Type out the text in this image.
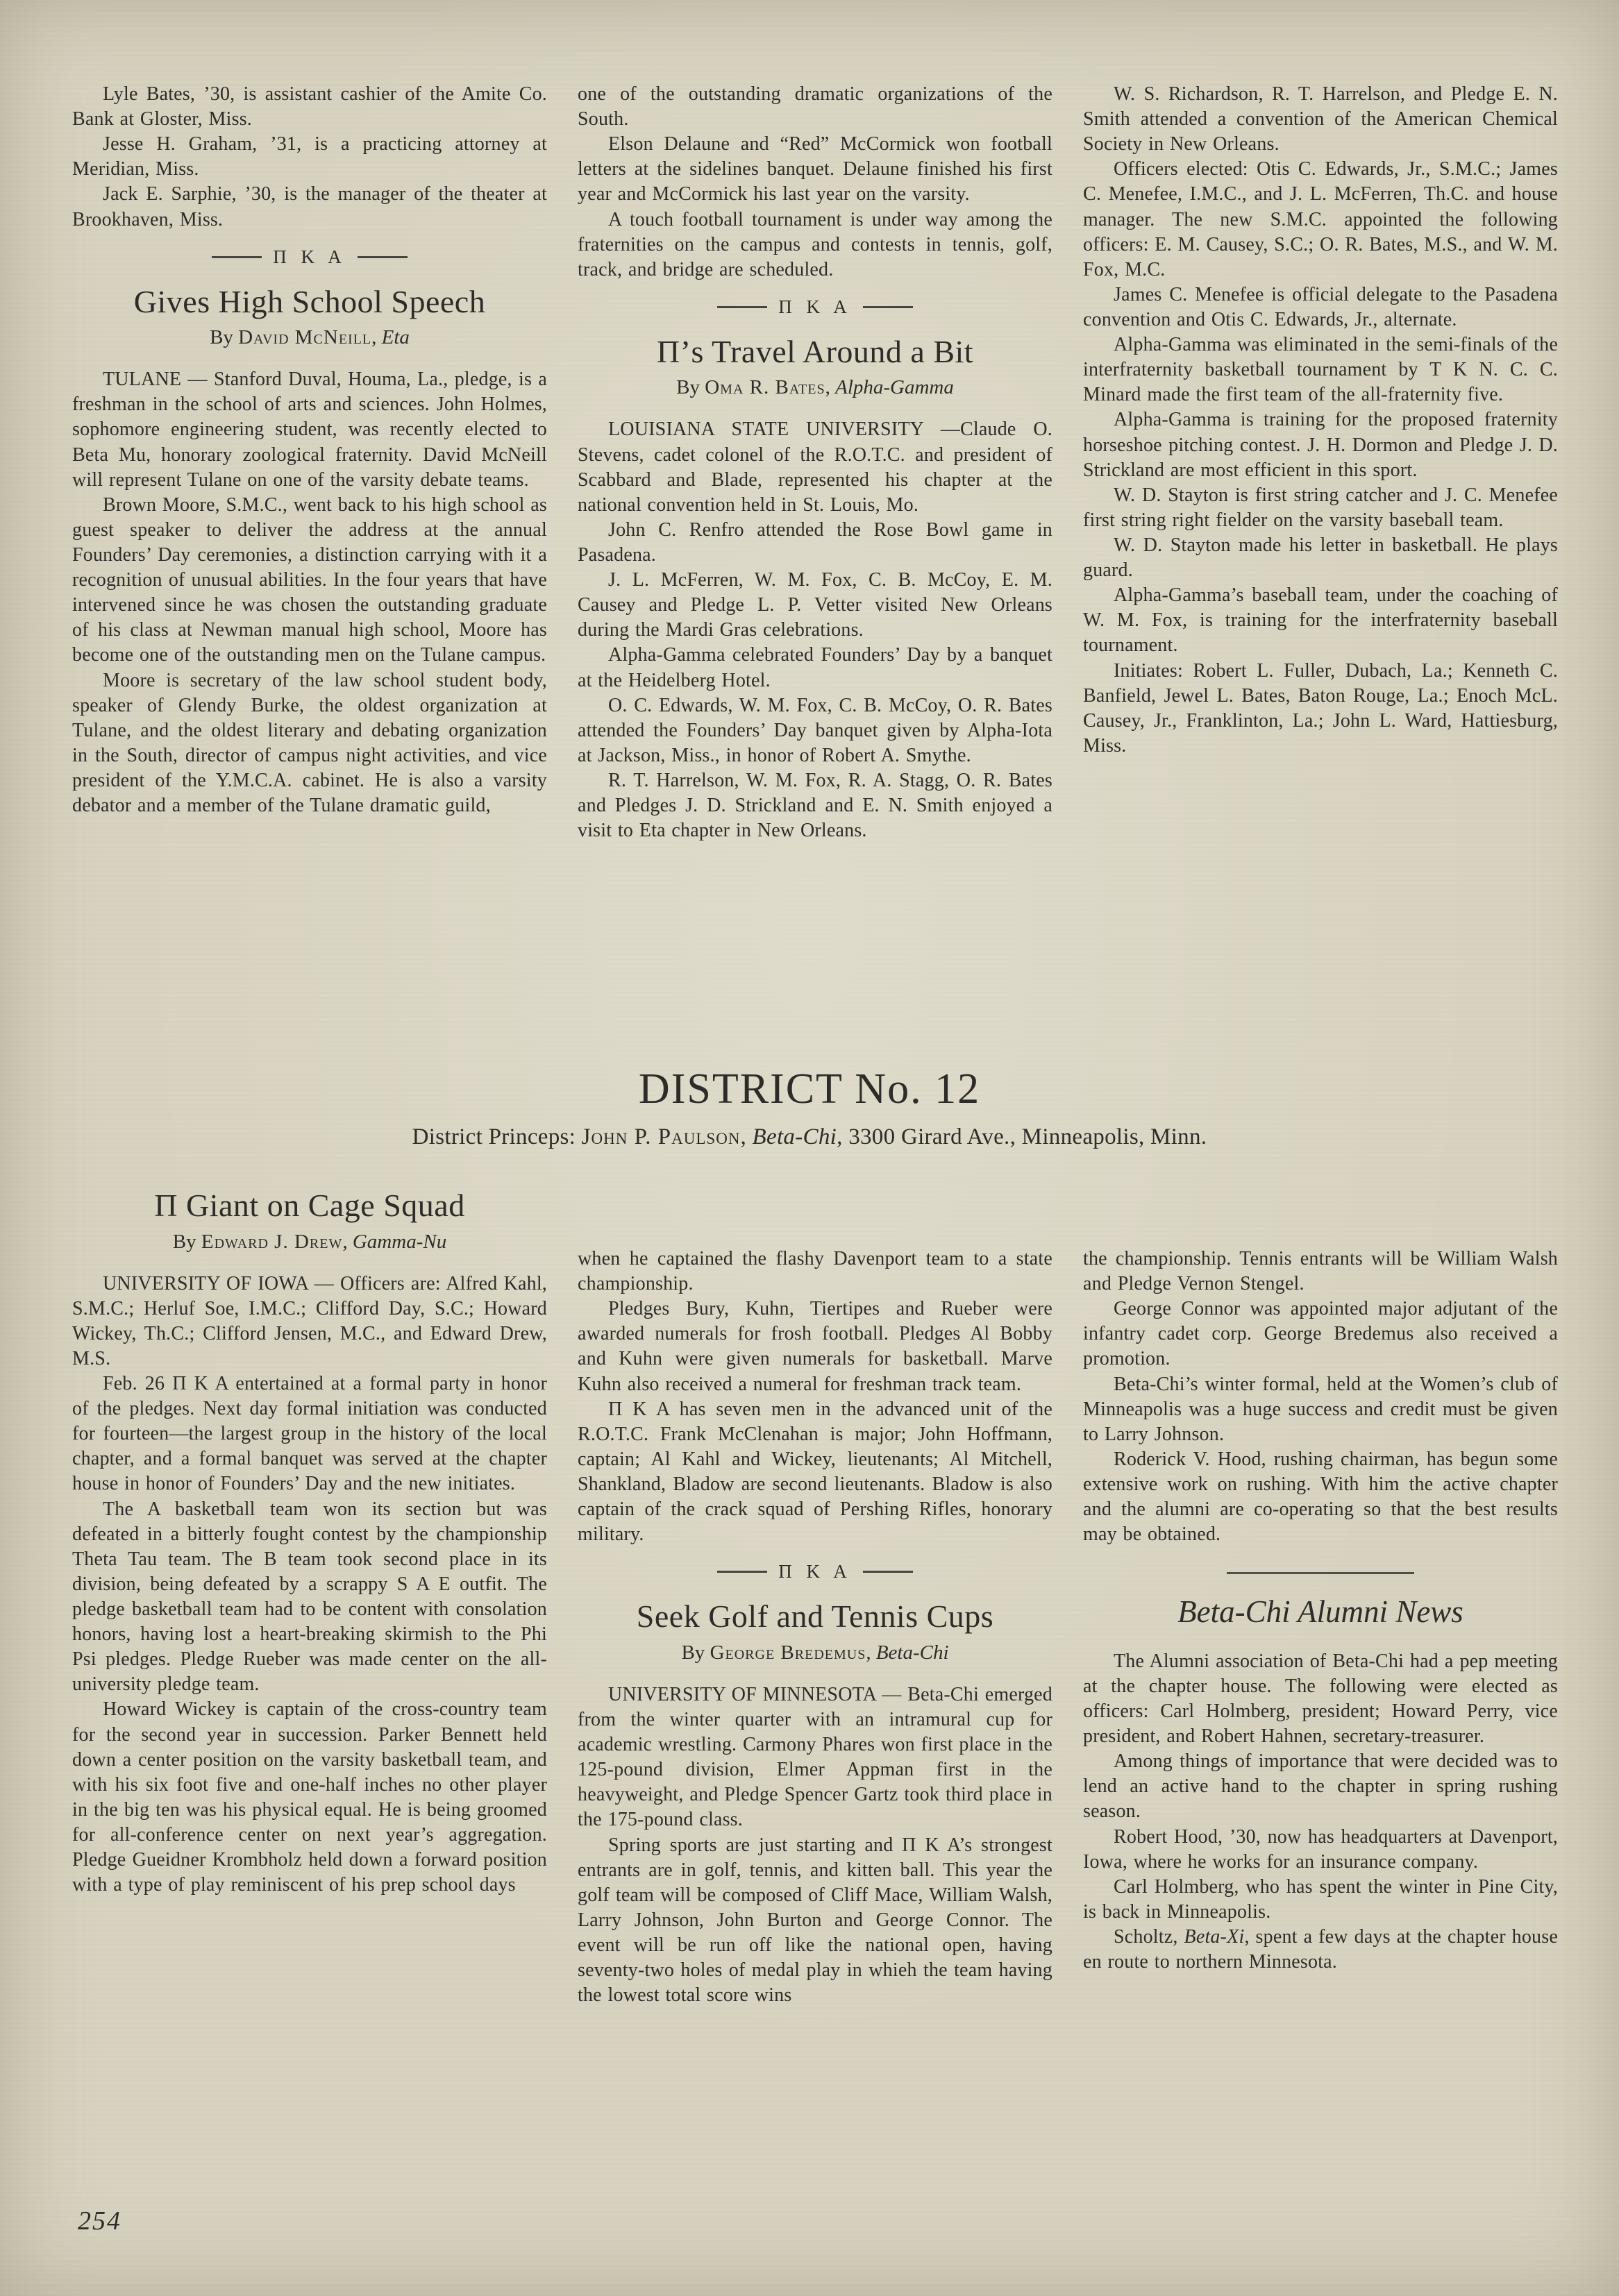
Lyle Bates, ’30, is assistant cashier of the Amite Co. Bank at Gloster, Miss.

Jesse H. Graham, ’31, is a practicing attorney at Meridian, Miss.

Jack E. Sarphie, ’30, is the manager of the theater at Brookhaven, Miss.

Π K A
Gives High School Speech

By David McNeill, Eta

TULANE — Stanford Duval, Houma, La., pledge, is a freshman in the school of arts and sciences. John Holmes, sophomore engineering student, was recently elected to Beta Mu, honorary zoological fraternity. David McNeill will represent Tulane on one of the varsity debate teams.

Brown Moore, S.M.C., went back to his high school as guest speaker to deliver the address at the annual Founders’ Day ceremonies, a distinction carrying with it a recognition of unusual abilities. In the four years that have intervened since he was chosen the outstanding graduate of his class at Newman manual high school, Moore has become one of the outstanding men on the Tulane campus.

Moore is secretary of the law school student body, speaker of Glendy Burke, the oldest organization at Tulane, and the oldest literary and debating organization in the South, director of campus night activities, and vice president of the Y.M.C.A. cabinet. He is also a varsity debator and a member of the Tulane dramatic guild,

one of the outstanding dramatic organizations of the South.

Elson Delaune and “Red” McCormick won football letters at the sidelines banquet. Delaune finished his first year and McCormick his last year on the varsity.

A touch football tournament is under way among the fraternities on the campus and contests in tennis, golf, track, and bridge are scheduled.

Π K A
Π’s Travel Around a Bit

By Oma R. Bates, Alpha-Gamma

LOUISIANA STATE UNIVERSITY —Claude O. Stevens, cadet colonel of the R.O.T.C. and president of Scabbard and Blade, represented his chapter at the national convention held in St. Louis, Mo.

John C. Renfro attended the Rose Bowl game in Pasadena.

J. L. McFerren, W. M. Fox, C. B. McCoy, E. M. Causey and Pledge L. P. Vetter visited New Orleans during the Mardi Gras celebrations.

Alpha-Gamma celebrated Founders’ Day by a banquet at the Heidelberg Hotel.

O. C. Edwards, W. M. Fox, C. B. McCoy, O. R. Bates attended the Founders’ Day banquet given by Alpha-Iota at Jackson, Miss., in honor of Robert A. Smythe.

R. T. Harrelson, W. M. Fox, R. A. Stagg, O. R. Bates and Pledges J. D. Strickland and E. N. Smith enjoyed a visit to Eta chapter in New Orleans.

W. S. Richardson, R. T. Harrelson, and Pledge E. N. Smith attended a convention of the American Chemical Society in New Orleans.

Officers elected: Otis C. Edwards, Jr., S.M.C.; James C. Menefee, I.M.C., and J. L. McFerren, Th.C. and house manager. The new S.M.C. appointed the following officers: E. M. Causey, S.C.; O. R. Bates, M.S., and W. M. Fox, M.C.

James C. Menefee is official delegate to the Pasadena convention and Otis C. Edwards, Jr., alternate.

Alpha-Gamma was eliminated in the semi-finals of the interfraternity basketball tournament by T K N. C. C. Minard made the first team of the all-fraternity five.

Alpha-Gamma is training for the proposed fraternity horseshoe pitching contest. J. H. Dormon and Pledge J. D. Strickland are most efficient in this sport.

W. D. Stayton is first string catcher and J. C. Menefee first string right fielder on the varsity baseball team.

W. D. Stayton made his letter in basketball. He plays guard.

Alpha-Gamma’s baseball team, under the coaching of W. M. Fox, is training for the interfraternity baseball tournament.

Initiates: Robert L. Fuller, Dubach, La.; Kenneth C. Banfield, Jewel L. Bates, Baton Rouge, La.; Enoch McL. Causey, Jr., Franklinton, La.; John L. Ward, Hattiesburg, Miss.

DISTRICT No. 12

District Princeps: John P. Paulson, Beta-Chi, 3300 Girard Ave., Minneapolis, Minn.

Π Giant on Cage Squad

By Edward J. Drew, Gamma-Nu

UNIVERSITY OF IOWA — Officers are: Alfred Kahl, S.M.C.; Herluf Soe, I.M.C.; Clifford Day, S.C.; Howard Wickey, Th.C.; Clifford Jensen, M.C., and Edward Drew, M.S.

Feb. 26 Π K A entertained at a formal party in honor of the pledges. Next day formal initiation was conducted for fourteen—the largest group in the history of the local chapter, and a formal banquet was served at the chapter house in honor of Founders’ Day and the new initiates.

The A basketball team won its section but was defeated in a bitterly fought contest by the championship Theta Tau team. The B team took second place in its division, being defeated by a scrappy S A E outfit. The pledge basketball team had to be content with consolation honors, having lost a heart-breaking skirmish to the Phi Psi pledges. Pledge Rueber was made center on the all-university pledge team.

Howard Wickey is captain of the cross-country team for the second year in succession. Parker Bennett held down a center position on the varsity basketball team, and with his six foot five and one-half inches no other player in the big ten was his physical equal. He is being groomed for all-conference center on next year’s aggregation. Pledge Gueidner Krombholz held down a forward position with a type of play reminiscent of his prep school days

when he captained the flashy Davenport team to a state championship.

Pledges Bury, Kuhn, Tiertipes and Rueber were awarded numerals for frosh football. Pledges Al Bobby and Kuhn were given numerals for basketball. Marve Kuhn also received a numeral for freshman track team.

Π K A has seven men in the advanced unit of the R.O.T.C. Frank McClenahan is major; John Hoffmann, captain; Al Kahl and Wickey, lieutenants; Al Mitchell, Shankland, Bladow are second lieutenants. Bladow is also captain of the crack squad of Pershing Rifles, honorary military.

Π K A
Seek Golf and Tennis Cups

By George Bredemus, Beta-Chi

UNIVERSITY OF MINNESOTA — Beta-Chi emerged from the winter quarter with an intramural cup for academic wrestling. Carmony Phares won first place in the 125-pound division, Elmer Appman first in the heavyweight, and Pledge Spencer Gartz took third place in the 175-pound class.

Spring sports are just starting and Π K A’s strongest entrants are in golf, tennis, and kitten ball. This year the golf team will be composed of Cliff Mace, William Walsh, Larry Johnson, John Burton and George Connor. The event will be run off like the national open, having seventy-two holes of medal play in whieh the team having the lowest total score wins

the championship. Tennis entrants will be William Walsh and Pledge Vernon Stengel.

George Connor was appointed major adjutant of the infantry cadet corp. George Bredemus also received a promotion.

Beta-Chi’s winter formal, held at the Women’s club of Minneapolis was a huge success and credit must be given to Larry Johnson.

Roderick V. Hood, rushing chairman, has begun some extensive work on rushing. With him the active chapter and the alumni are co-operating so that the best results may be obtained.

Beta-Chi Alumni News

The Alumni association of Beta-Chi had a pep meeting at the chapter house. The following were elected as officers: Carl Holmberg, president; Howard Perry, vice president, and Robert Hahnen, secretary-treasurer.

Among things of importance that were decided was to lend an active hand to the chapter in spring rushing season.

Robert Hood, ’30, now has headquarters at Davenport, Iowa, where he works for an insurance company.

Carl Holmberg, who has spent the winter in Pine City, is back in Minneapolis.

Scholtz, Beta-Xi, spent a few days at the chapter house en route to northern Minnesota.

254
